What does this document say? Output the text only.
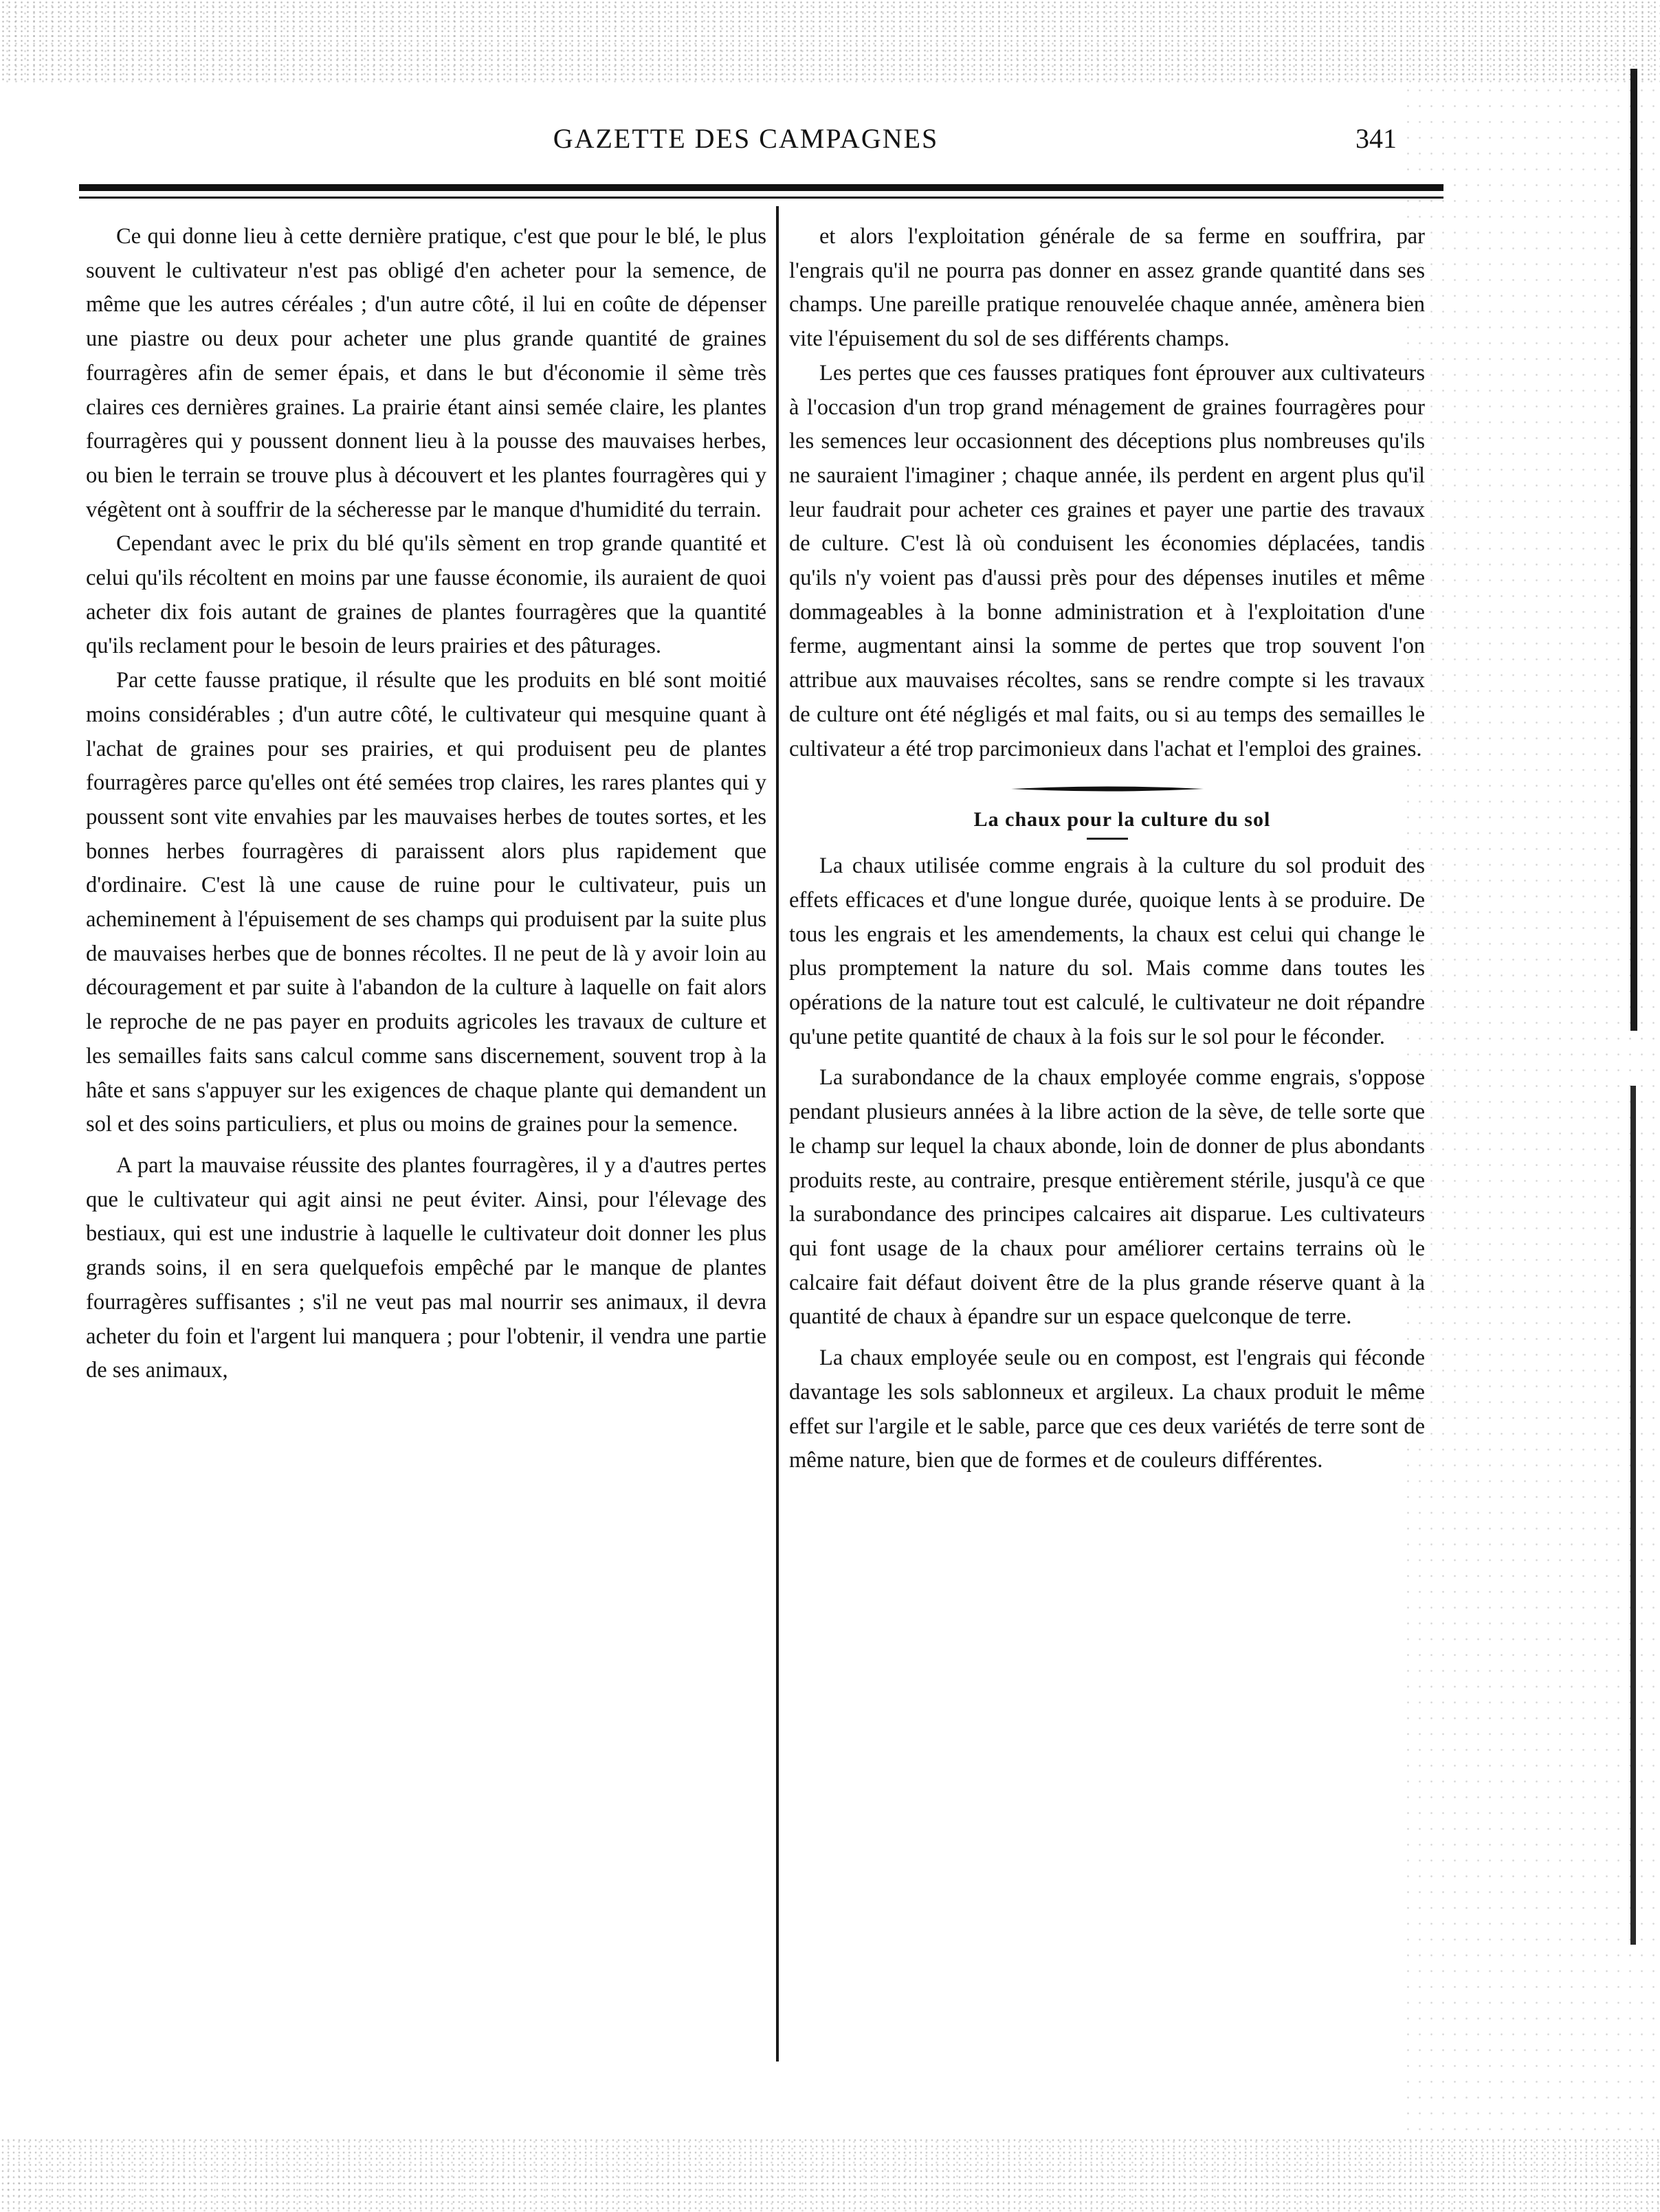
GAZETTE DES CAMPAGNES	341

Ce qui donne lieu à cette dernière pratique, c'est que pour le blé, le plus souvent le cultivateur n'est pas obligé d'en acheter pour la semence, de même que les autres céréales ; d'un autre côté, il lui en coûte de dépenser une piastre ou deux pour acheter une plus grande quantité de graines fourragères afin de semer épais, et dans le but d'économie il sème très claires ces dernières graines. La prairie étant ainsi semée claire, les plantes fourragères qui y poussent donnent lieu à la pousse des mauvaises herbes, ou bien le terrain se trouve plus à découvert et les plantes fourragères qui y végètent ont à souffrir de la sécheresse par le manque d'humidité du terrain.

Cependant avec le prix du blé qu'ils sèment en trop grande quantité et celui qu'ils récoltent en moins par une fausse économie, ils auraient de quoi acheter dix fois autant de graines de plantes fourragères que la quantité qu'ils reclament pour le besoin de leurs prairies et des pâturages.

Par cette fausse pratique, il résulte que les produits en blé sont moitié moins considérables ; d'un autre côté, le cultivateur qui mesquine quant à l'achat de graines pour ses prairies, et qui produisent peu de plantes fourragères parce qu'elles ont été semées trop claires, les rares plantes qui y poussent sont vite envahies par les mauvaises herbes de toutes sortes, et les bonnes herbes fourragères di paraissent alors plus rapidement que d'ordinaire. C'est là une cause de ruine pour le cultivateur, puis un acheminement à l'épuisement de ses champs qui produisent par la suite plus de mauvaises herbes que de bonnes récoltes. Il ne peut de là y avoir loin au découragement et par suite à l'abandon de la culture à laquelle on fait alors le reproche de ne pas payer en produits agricoles les travaux de culture et les semailles faits sans calcul comme sans discernement, souvent trop à la hâte et sans s'appuyer sur les exigences de chaque plante qui demandent un sol et des soins particuliers, et plus ou moins de graines pour la semence.

A part la mauvaise réussite des plantes fourragères, il y a d'autres pertes que le cultivateur qui agit ainsi ne peut éviter. Ainsi, pour l'élevage des bestiaux, qui est une industrie à laquelle le cultivateur doit donner les plus grands soins, il en sera quelquefois empêché par le manque de plantes fourragères suffisantes ; s'il ne veut pas mal nourrir ses animaux, il devra acheter du foin et l'argent lui manquera ; pour l'obtenir, il vendra une partie de ses animaux,

et alors l'exploitation générale de sa ferme en souffrira, par l'engrais qu'il ne pourra pas donner en assez grande quantité dans ses champs. Une pareille pratique renouvelée chaque année, amènera bien vite l'épuisement du sol de ses différents champs.

Les pertes que ces fausses pratiques font éprouver aux cultivateurs à l'occasion d'un trop grand ménagement de graines fourragères pour les semences leur occasionnent des déceptions plus nombreuses qu'ils ne sauraient l'imaginer ; chaque année, ils perdent en argent plus qu'il leur faudrait pour acheter ces graines et payer une partie des travaux de culture. C'est là où conduisent les économies déplacées, tandis qu'ils n'y voient pas d'aussi près pour des dépenses inutiles et même dommageables à la bonne administration et à l'exploitation d'une ferme, augmentant ainsi la somme de pertes que trop souvent l'on attribue aux mauvaises récoltes, sans se rendre compte si les travaux de culture ont été négligés et mal faits, ou si au temps des semailles le cultivateur a été trop parcimonieux dans l'achat et l'emploi des graines.

La chaux pour la culture du sol

La chaux utilisée comme engrais à la culture du sol produit des effets efficaces et d'une longue durée, quoique lents à se produire. De tous les engrais et les amendements, la chaux est celui qui change le plus promptement la nature du sol. Mais comme dans toutes les opérations de la nature tout est calculé, le cultivateur ne doit répandre qu'une petite quantité de chaux à la fois sur le sol pour le féconder.

La surabondance de la chaux employée comme engrais, s'oppose pendant plusieurs années à la libre action de la sève, de telle sorte que le champ sur lequel la chaux abonde, loin de donner de plus abondants produits reste, au contraire, presque entièrement stérile, jusqu'à ce que la surabondance des principes calcaires ait disparue. Les cultivateurs qui font usage de la chaux pour améliorer certains terrains où le calcaire fait défaut doivent être de la plus grande réserve quant à la quantité de chaux à épandre sur un espace quelconque de terre.

La chaux employée seule ou en compost, est l'engrais qui féconde davantage les sols sablonneux et argileux. La chaux produit le même effet sur l'argile et le sable, parce que ces deux variétés de terre sont de même nature, bien que de formes et de couleurs différentes.
